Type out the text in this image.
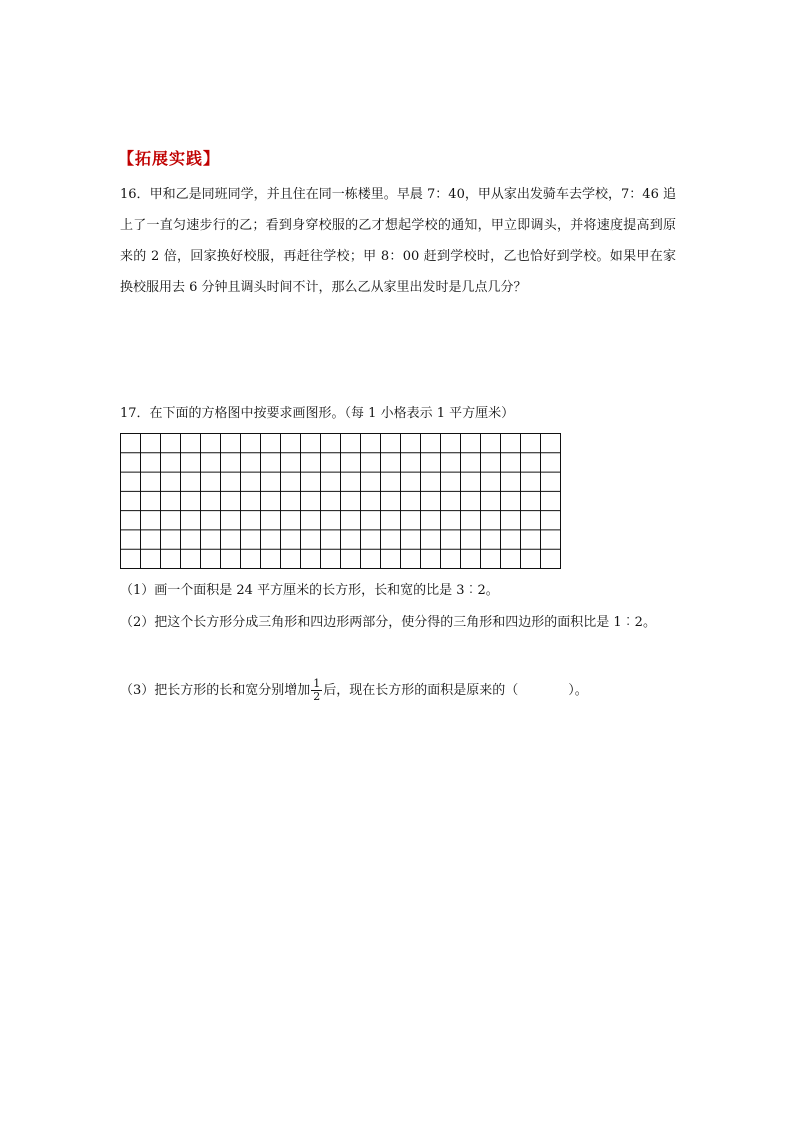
【拓展实践】

16．甲和乙是同班同学，并且住在同一栋楼里。早晨 7：40，甲从家出发骑车去学校，7：46 追上了一直匀速步行的乙；看到身穿校服的乙才想起学校的通知，甲立即调头，并将速度提高到原来的 2 倍，回家换好校服，再赶往学校；甲 8：00 赶到学校时，乙也恰好到学校。如果甲在家换校服用去 6 分钟且调头时间不计，那么乙从家里出发时是几点几分？

17．在下面的方格图中按要求画图形。（每 1 小格表示 1 平方厘米）

（1）画一个面积是 24 平方厘米的长方形，长和宽的比是 3︰2。

（2）把这个长方形分成三角形和四边形两部分，使分得的三角形和四边形的面积比是 1︰2。

（3）把长方形的长和宽分别增加 $\frac{1}{2}$ 后，现在长方形的面积是原来的（	）。
